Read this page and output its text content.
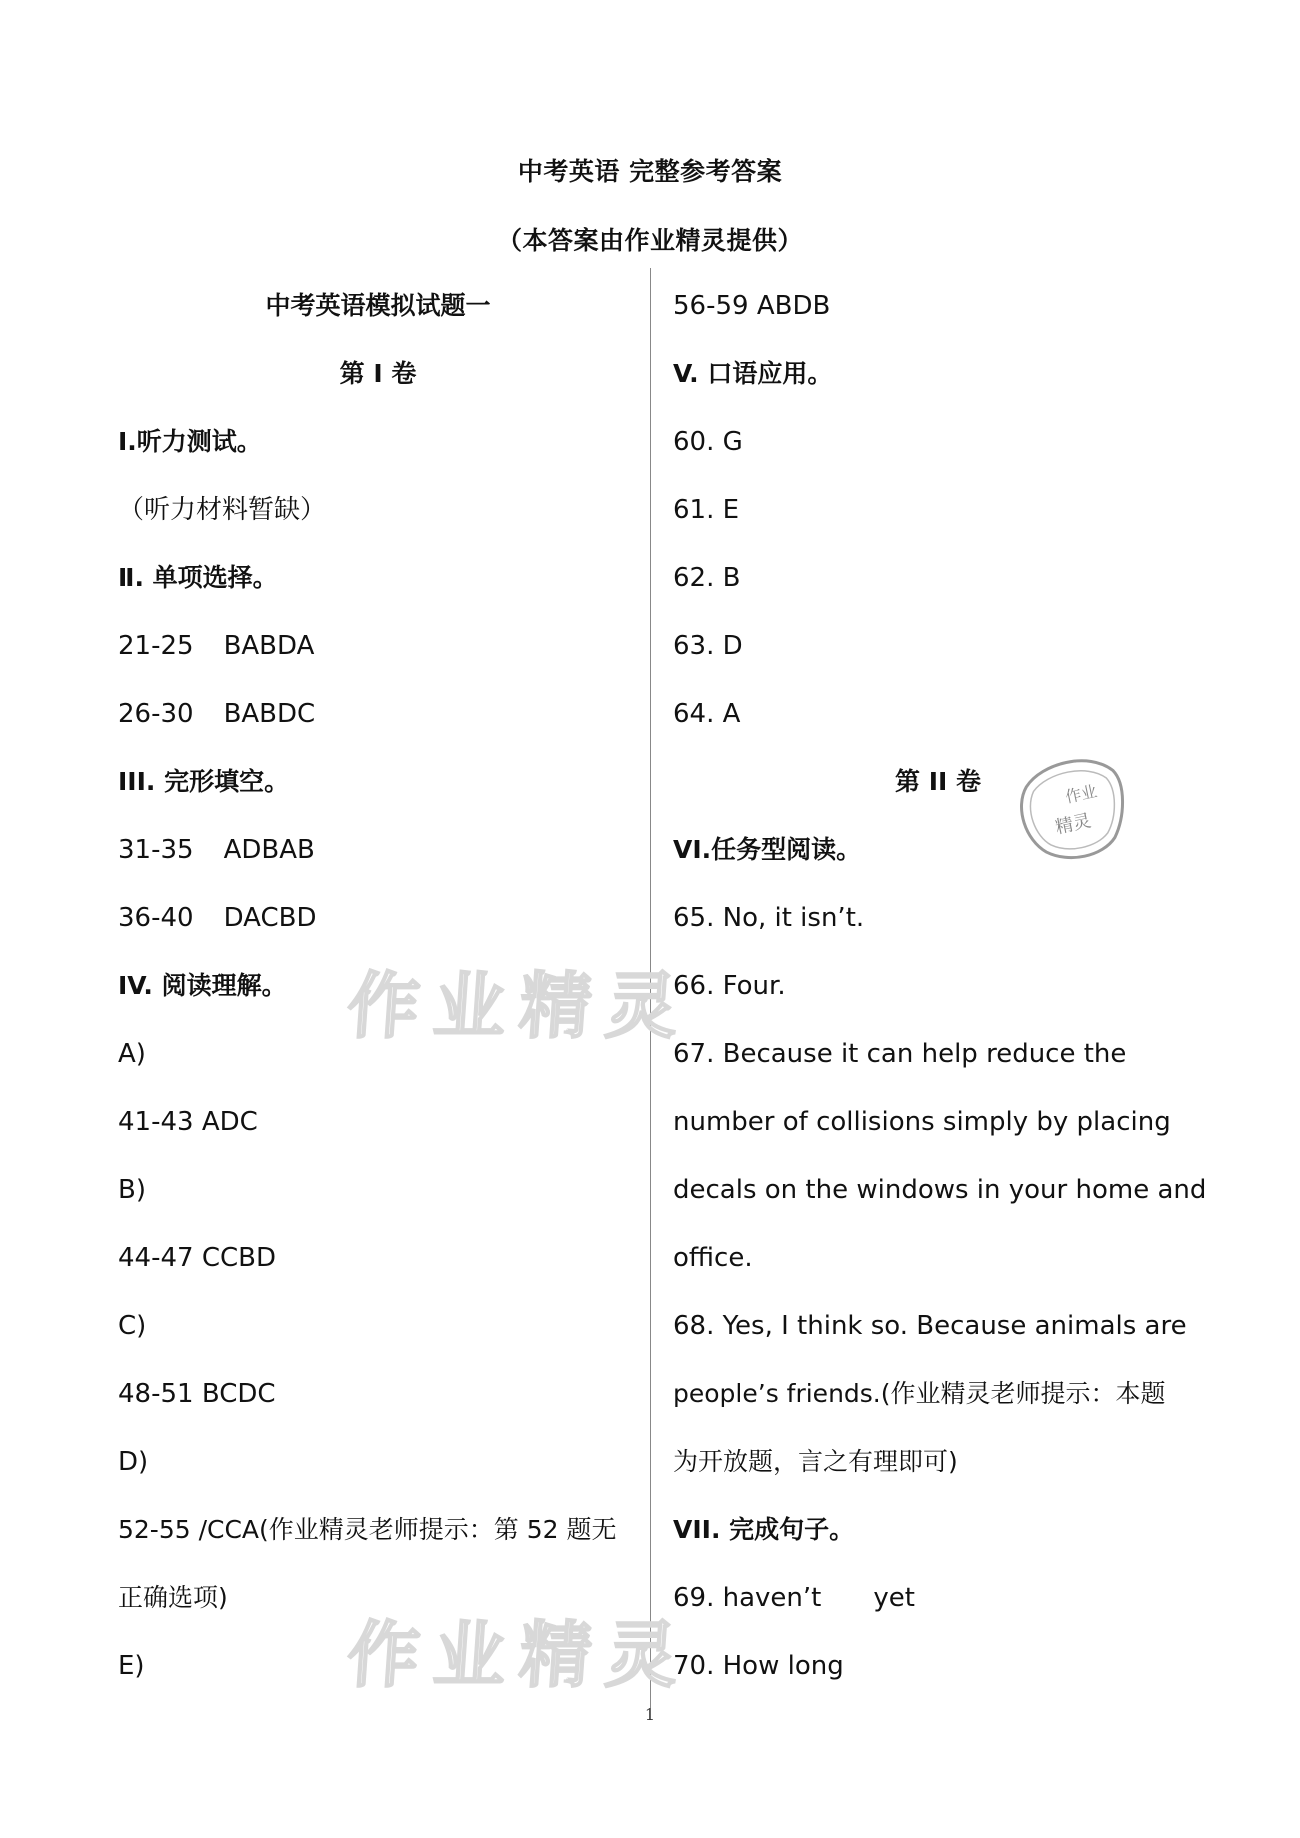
中考英语 完整参考答案
（本答案由作业精灵提供）
中考英语模拟试题一
第 I 卷
Ⅰ.听力测试。
（听力材料暂缺）
Ⅱ. 单项选择。
21-25 BABDA
26-30 BABDC
III. 完形填空。
31-35 ADBAB
36-40 DACBD
IV. 阅读理解。
A)
41-43 ADC
B)
44-47 CCBD
C)
48-51 BCDC
D)
52-55 /CCA(作业精灵老师提示：第 52 题无
正确选项)
E)
56-59 ABDB
V. 口语应用。
60. G
61. E
62. B
63. D
64. A
第 II 卷
VI.任务型阅读。
65. No, it isn’t.
66. Four.
67. Because it can help reduce the
number of collisions simply by placing
decals on the windows in your home and
office.
68. Yes, I think so. Because animals are
people’s friends.(作业精灵老师提示：本题
为开放题，言之有理即可)
VII. 完成句子。
69. haven’t yet
70. How long
作业精灵
作业精灵
作业
精灵
1
